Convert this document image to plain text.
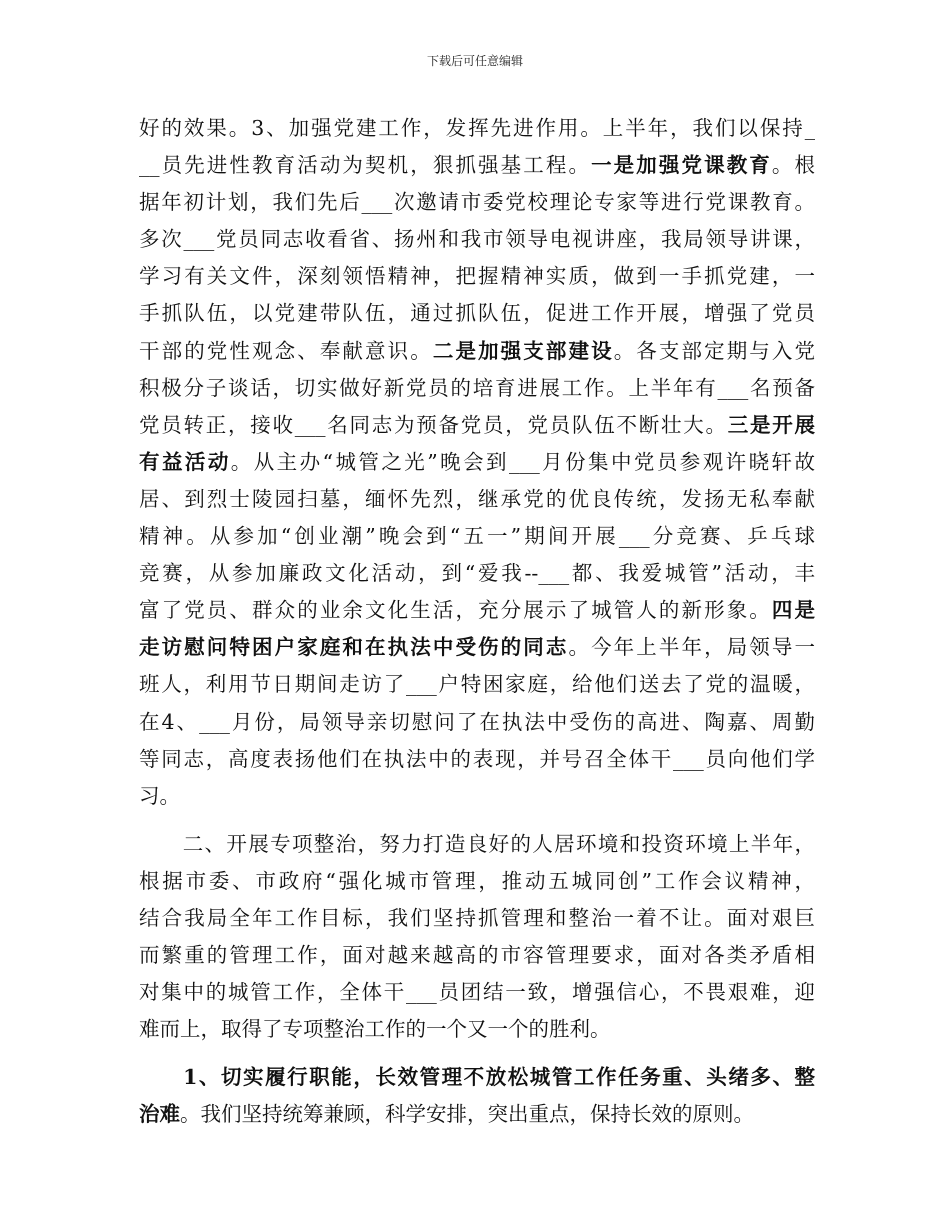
下载后可任意编辑
好的效果。3、加强党建工作，发挥先进作用。上半年，我们以保持_
__员先进性教育活动为契机，狠抓强基工程。一是加强党课教育。根
据年初计划，我们先后___次邀请市委党校理论专家等进行党课教育。
多次___党员同志收看省、扬州和我市领导电视讲座，我局领导讲课，
学习有关文件，深刻领悟精神，把握精神实质，做到一手抓党建，一
手抓队伍，以党建带队伍，通过抓队伍，促进工作开展，增强了党员
干部的党性观念、奉献意识。二是加强支部建设。各支部定期与入党
积极分子谈话，切实做好新党员的培育进展工作。上半年有___名预备
党员转正，接收___名同志为预备党员，党员队伍不断壮大。三是开展
有益活动。从主办“城管之光”晚会到___月份集中党员参观许晓轩故
居、到烈士陵园扫墓，缅怀先烈，继承党的优良传统，发扬无私奉献
精神。从参加“创业潮”晚会到“五一”期间开展___分竞赛、乒乓球
竞赛，从参加廉政文化活动，到“爱我--___都、我爱城管”活动，丰
富了党员、群众的业余文化生活，充分展示了城管人的新形象。四是
走访慰问特困户家庭和在执法中受伤的同志。今年上半年，局领导一
班人，利用节日期间走访了___户特困家庭，给他们送去了党的温暖，
在4、___月份，局领导亲切慰问了在执法中受伤的高进、陶嘉、周勤
等同志，高度表扬他们在执法中的表现，并号召全体干___员向他们学
习。
　　二、开展专项整治，努力打造良好的人居环境和投资环境上半年，
根据市委、市政府“强化城市管理，推动五城同创”工作会议精神，
结合我局全年工作目标，我们坚持抓管理和整治一着不让。面对艰巨
而繁重的管理工作，面对越来越高的市容管理要求，面对各类矛盾相
对集中的城管工作，全体干___员团结一致，增强信心，不畏艰难，迎
难而上，取得了专项整治工作的一个又一个的胜利。
　　1、切实履行职能，长效管理不放松城管工作任务重、头绪多、整
治难。我们坚持统筹兼顾，科学安排，突出重点，保持长效的原则。
